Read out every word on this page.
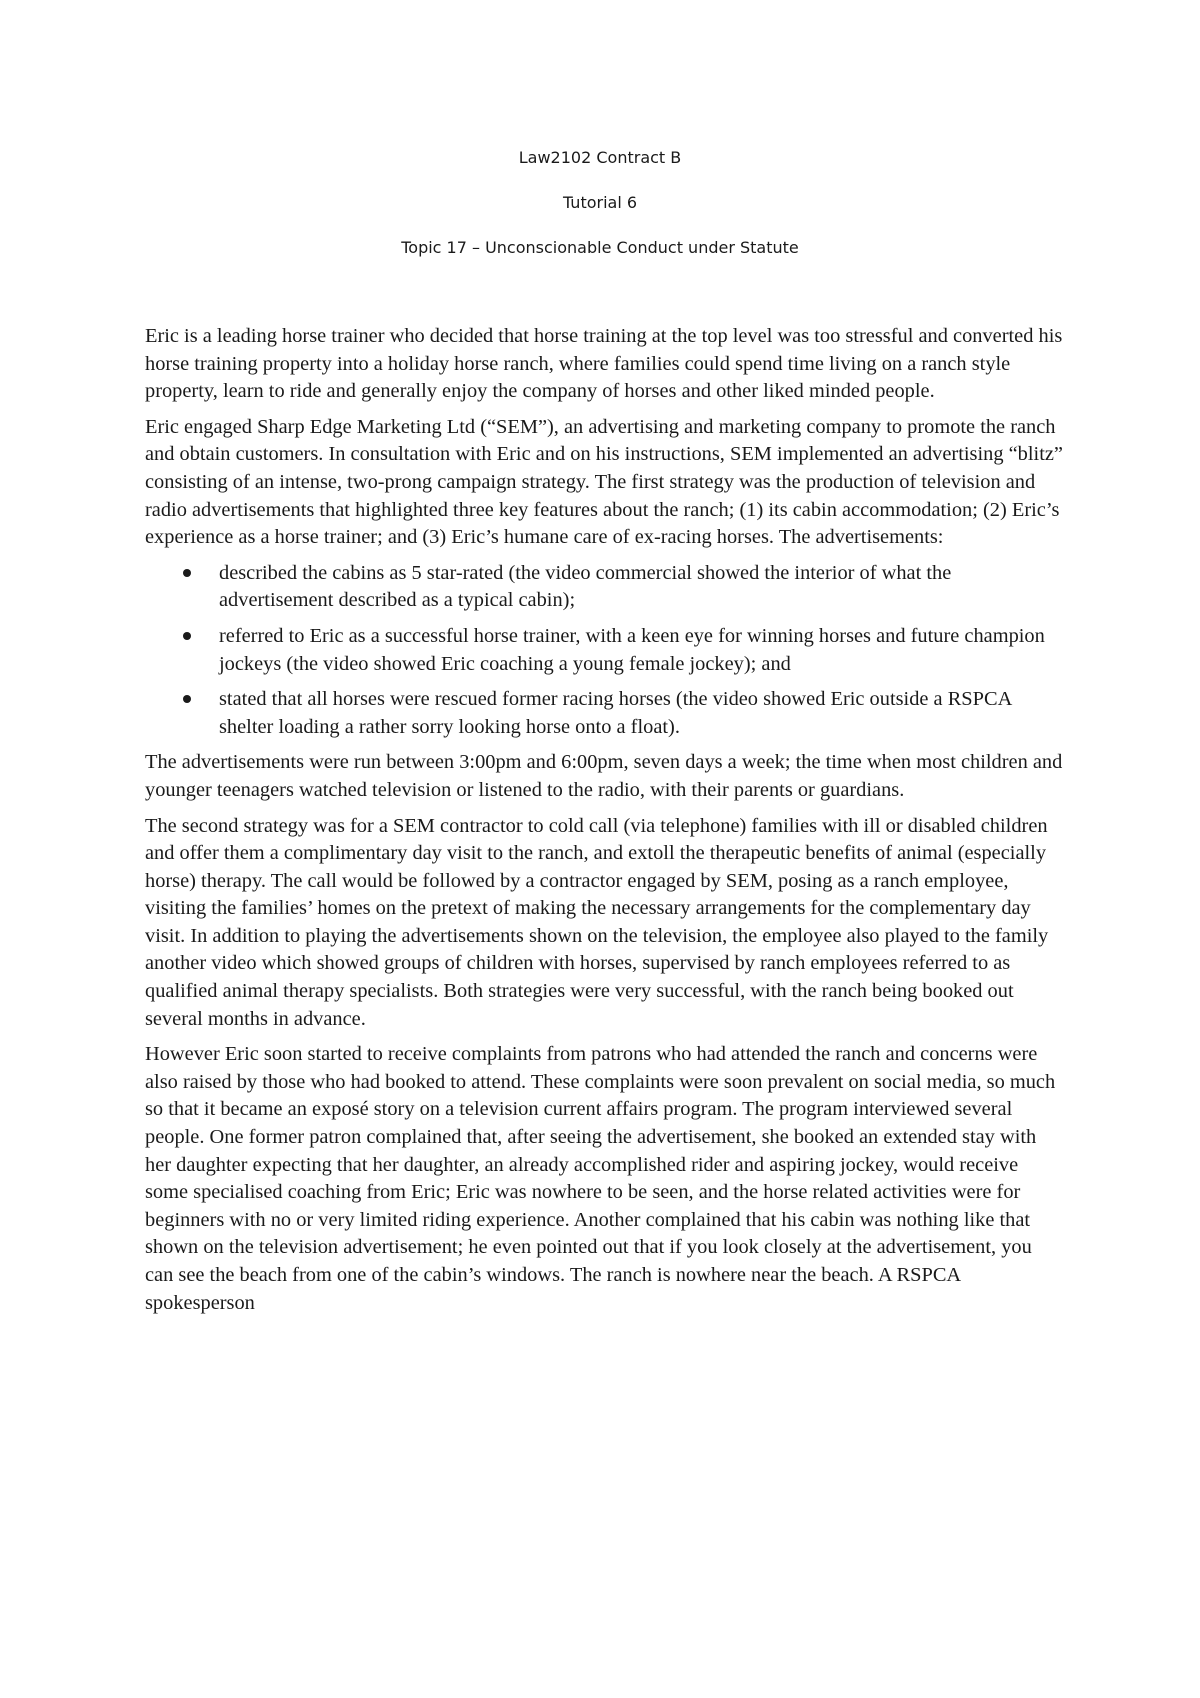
Law2102 Contract B
Tutorial 6
Topic 17 – Unconscionable Conduct under Statute

Eric is a leading horse trainer who decided that horse training at the top level was too stressful and converted his horse training property into a holiday horse ranch, where families could spend time living on a ranch style property, learn to ride and generally enjoy the company of horses and other liked minded people.

Eric engaged Sharp Edge Marketing Ltd (“SEM”), an advertising and marketing company to promote the ranch and obtain customers. In consultation with Eric and on his instructions, SEM implemented an advertising “blitz” consisting of an intense, two-prong campaign strategy. The first strategy was the production of television and radio advertisements that highlighted three key features about the ranch; (1) its cabin accommodation; (2) Eric’s experience as a horse trainer; and (3) Eric’s humane care of ex-racing horses. The advertisements:

described the cabins as 5 star-rated (the video commercial showed the interior of what the advertisement described as a typical cabin);
referred to Eric as a successful horse trainer, with a keen eye for winning horses and future champion jockeys (the video showed Eric coaching a young female jockey); and
stated that all horses were rescued former racing horses (the video showed Eric outside a RSPCA shelter loading a rather sorry looking horse onto a float).

The advertisements were run between 3:00pm and 6:00pm, seven days a week; the time when most children and younger teenagers watched television or listened to the radio, with their parents or guardians.

The second strategy was for a SEM contractor to cold call (via telephone) families with ill or disabled children and offer them a complimentary day visit to the ranch, and extoll the therapeutic benefits of animal (especially horse) therapy. The call would be followed by a contractor engaged by SEM, posing as a ranch employee, visiting the families’ homes on the pretext of making the necessary arrangements for the complementary day visit. In addition to playing the advertisements shown on the television, the employee also played to the family another video which showed groups of children with horses, supervised by ranch employees referred to as qualified animal therapy specialists. Both strategies were very successful, with the ranch being booked out several months in advance.

However Eric soon started to receive complaints from patrons who had attended the ranch and concerns were also raised by those who had booked to attend. These complaints were soon prevalent on social media, so much so that it became an exposé story on a television current affairs program. The program interviewed several people. One former patron complained that, after seeing the advertisement, she booked an extended stay with her daughter expecting that her daughter, an already accomplished rider and aspiring jockey, would receive some specialised coaching from Eric; Eric was nowhere to be seen, and the horse related activities were for beginners with no or very limited riding experience. Another complained that his cabin was nothing like that shown on the television advertisement; he even pointed out that if you look closely at the advertisement, you can see the beach from one of the cabin’s windows. The ranch is nowhere near the beach. A RSPCA spokesperson
